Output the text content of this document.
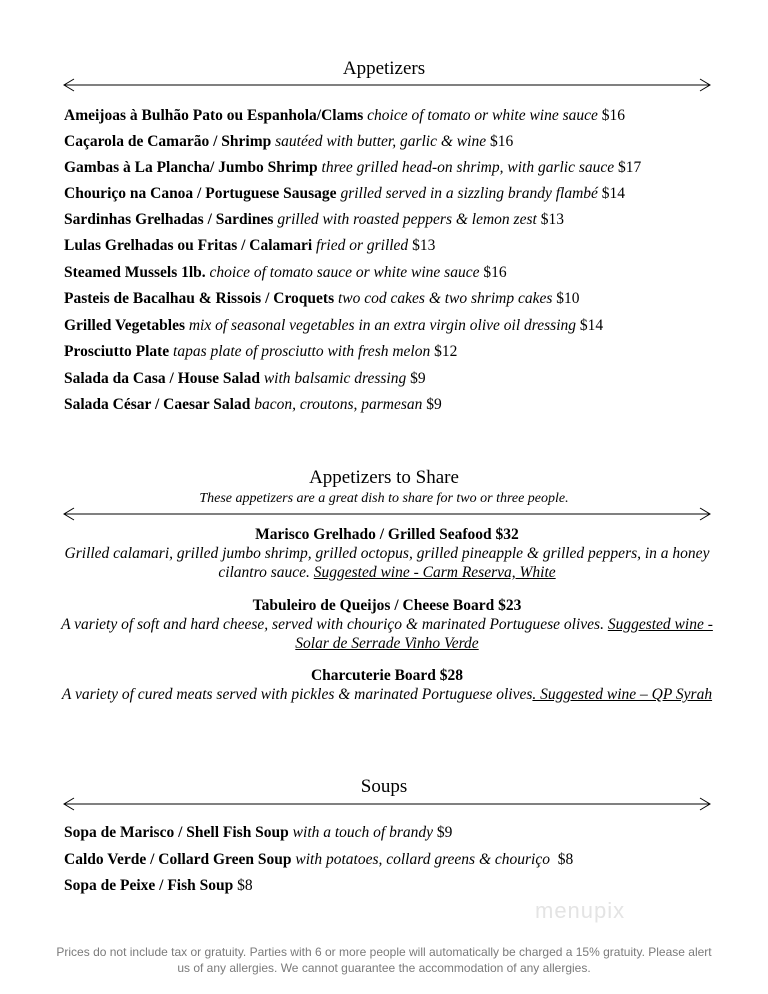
Appetizers
Ameijoas à Bulhão Pato ou Espanhola/Clams choice of tomato or white wine sauce $16
Caçarola de Camarão / Shrimp sautéed with butter, garlic & wine $16
Gambas à La Plancha/ Jumbo Shrimp three grilled head-on shrimp, with garlic sauce $17
Chouriço na Canoa / Portuguese Sausage grilled served in a sizzling brandy flambé $14
Sardinhas Grelhadas / Sardines grilled with roasted peppers & lemon zest $13
Lulas Grelhadas ou Fritas / Calamari fried or grilled $13
Steamed Mussels 1lb. choice of tomato sauce or white wine sauce $16
Pasteis de Bacalhau & Rissois / Croquets two cod cakes & two shrimp cakes $10
Grilled Vegetables mix of seasonal vegetables in an extra virgin olive oil dressing $14
Prosciutto Plate tapas plate of prosciutto with fresh melon $12
Salada da Casa / House Salad with balsamic dressing $9
Salada César / Caesar Salad bacon, croutons, parmesan $9
Appetizers to Share
These appetizers are a great dish to share for two or three people.
Marisco Grelhado / Grilled Seafood $32
Grilled calamari, grilled jumbo shrimp, grilled octopus, grilled pineapple & grilled peppers, in a honey cilantro sauce. Suggested wine - Carm Reserva, White
Tabuleiro de Queijos / Cheese Board $23
A variety of soft and hard cheese, served with chouriço & marinated Portuguese olives. Suggested wine - Solar de Serrade Vinho Verde
Charcuterie Board $28
A variety of cured meats served with pickles & marinated Portuguese olives. Suggested wine – QP Syrah
Soups
Sopa de Marisco / Shell Fish Soup with a touch of brandy $9
Caldo Verde / Collard Green Soup with potatoes, collard greens & chouriço $8
Sopa de Peixe / Fish Soup $8
menupix
Prices do not include tax or gratuity. Parties with 6 or more people will automatically be charged a 15% gratuity. Please alert us of any allergies. We cannot guarantee the accommodation of any allergies.
